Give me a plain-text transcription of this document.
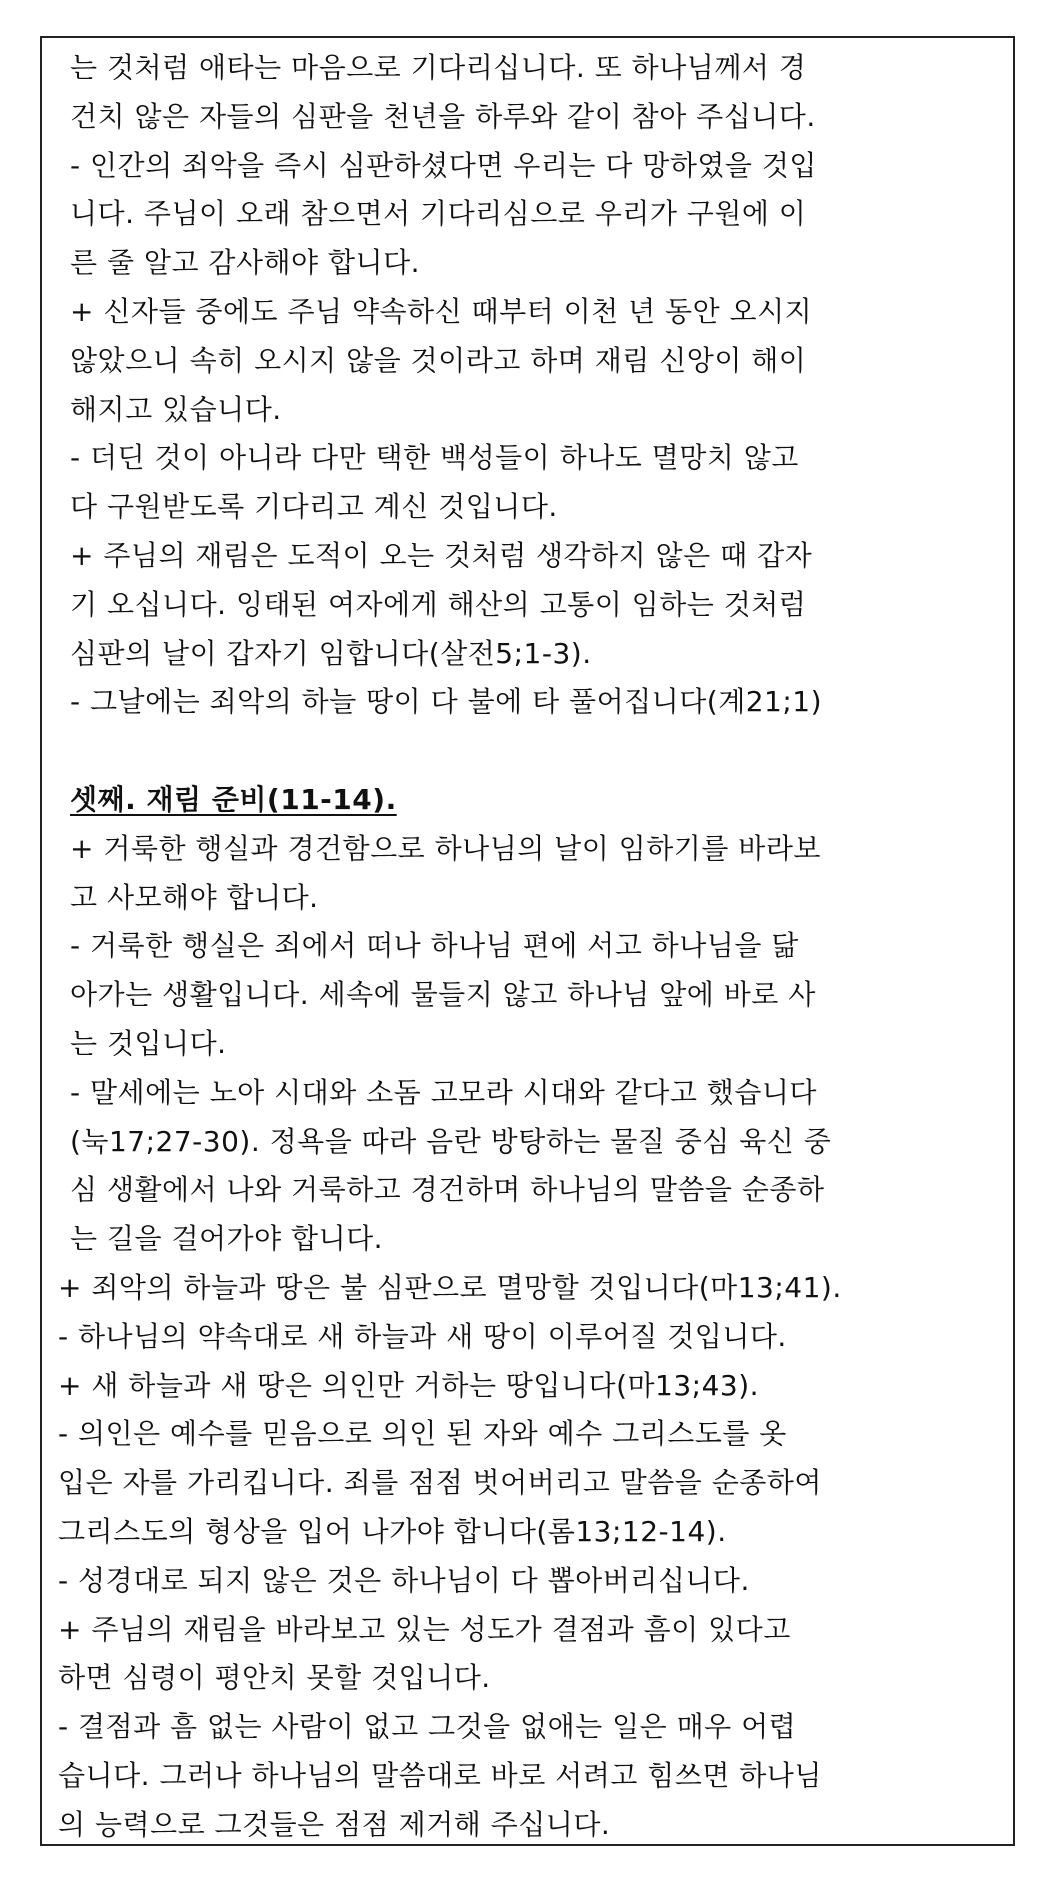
는 것처럼 애타는 마음으로 기다리십니다. 또 하나님께서 경
건치 않은 자들의 심판을 천년을 하루와 같이 참아 주십니다.
- 인간의 죄악을 즉시 심판하셨다면 우리는 다 망하였을 것입
니다. 주님이 오래 참으면서 기다리심으로 우리가 구원에 이
른 줄 알고 감사해야 합니다.
+ 신자들 중에도 주님 약속하신 때부터 이천 년 동안 오시지
않았으니 속히 오시지 않을 것이라고 하며 재림 신앙이 해이
해지고 있습니다.
- 더딘 것이 아니라 다만 택한 백성들이 하나도 멸망치 않고
다 구원받도록 기다리고 계신 것입니다.
+ 주님의 재림은 도적이 오는 것처럼 생각하지 않은 때 갑자
기 오십니다. 잉태된 여자에게 해산의 고통이 임하는 것처럼
심판의 날이 갑자기 임합니다(살전5;1-3).
- 그날에는 죄악의 하늘 땅이 다 불에 타 풀어집니다(계21;1)
셋째. 재림 준비(11-14).
+ 거룩한 행실과 경건함으로 하나님의 날이 임하기를 바라보
고 사모해야 합니다.
- 거룩한 행실은 죄에서 떠나 하나님 편에 서고 하나님을 닮
아가는 생활입니다. 세속에 물들지 않고 하나님 앞에 바로 사
는 것입니다.
- 말세에는 노아 시대와 소돔 고모라 시대와 같다고 했습니다
(눅17;27-30). 정욕을 따라 음란 방탕하는 물질 중심 육신 중
심 생활에서 나와 거룩하고 경건하며 하나님의 말씀을 순종하
는 길을 걸어가야 합니다.
+ 죄악의 하늘과 땅은 불 심판으로 멸망할 것입니다(마13;41).
- 하나님의 약속대로 새 하늘과 새 땅이 이루어질 것입니다.
+ 새 하늘과 새 땅은 의인만 거하는 땅입니다(마13;43).
- 의인은 예수를 믿음으로 의인 된 자와 예수 그리스도를 옷
입은 자를 가리킵니다. 죄를 점점 벗어버리고 말씀을 순종하여
그리스도의 형상을 입어 나가야 합니다(롬13;12-14).
- 성경대로 되지 않은 것은 하나님이 다 뽑아버리십니다.
+ 주님의 재림을 바라보고 있는 성도가 결점과 흠이 있다고
하면 심령이 평안치 못할 것입니다.
- 결점과 흠 없는 사람이 없고 그것을 없애는 일은 매우 어렵
습니다. 그러나 하나님의 말씀대로 바로 서려고 힘쓰면 하나님
의 능력으로 그것들은 점점 제거해 주십니다.
